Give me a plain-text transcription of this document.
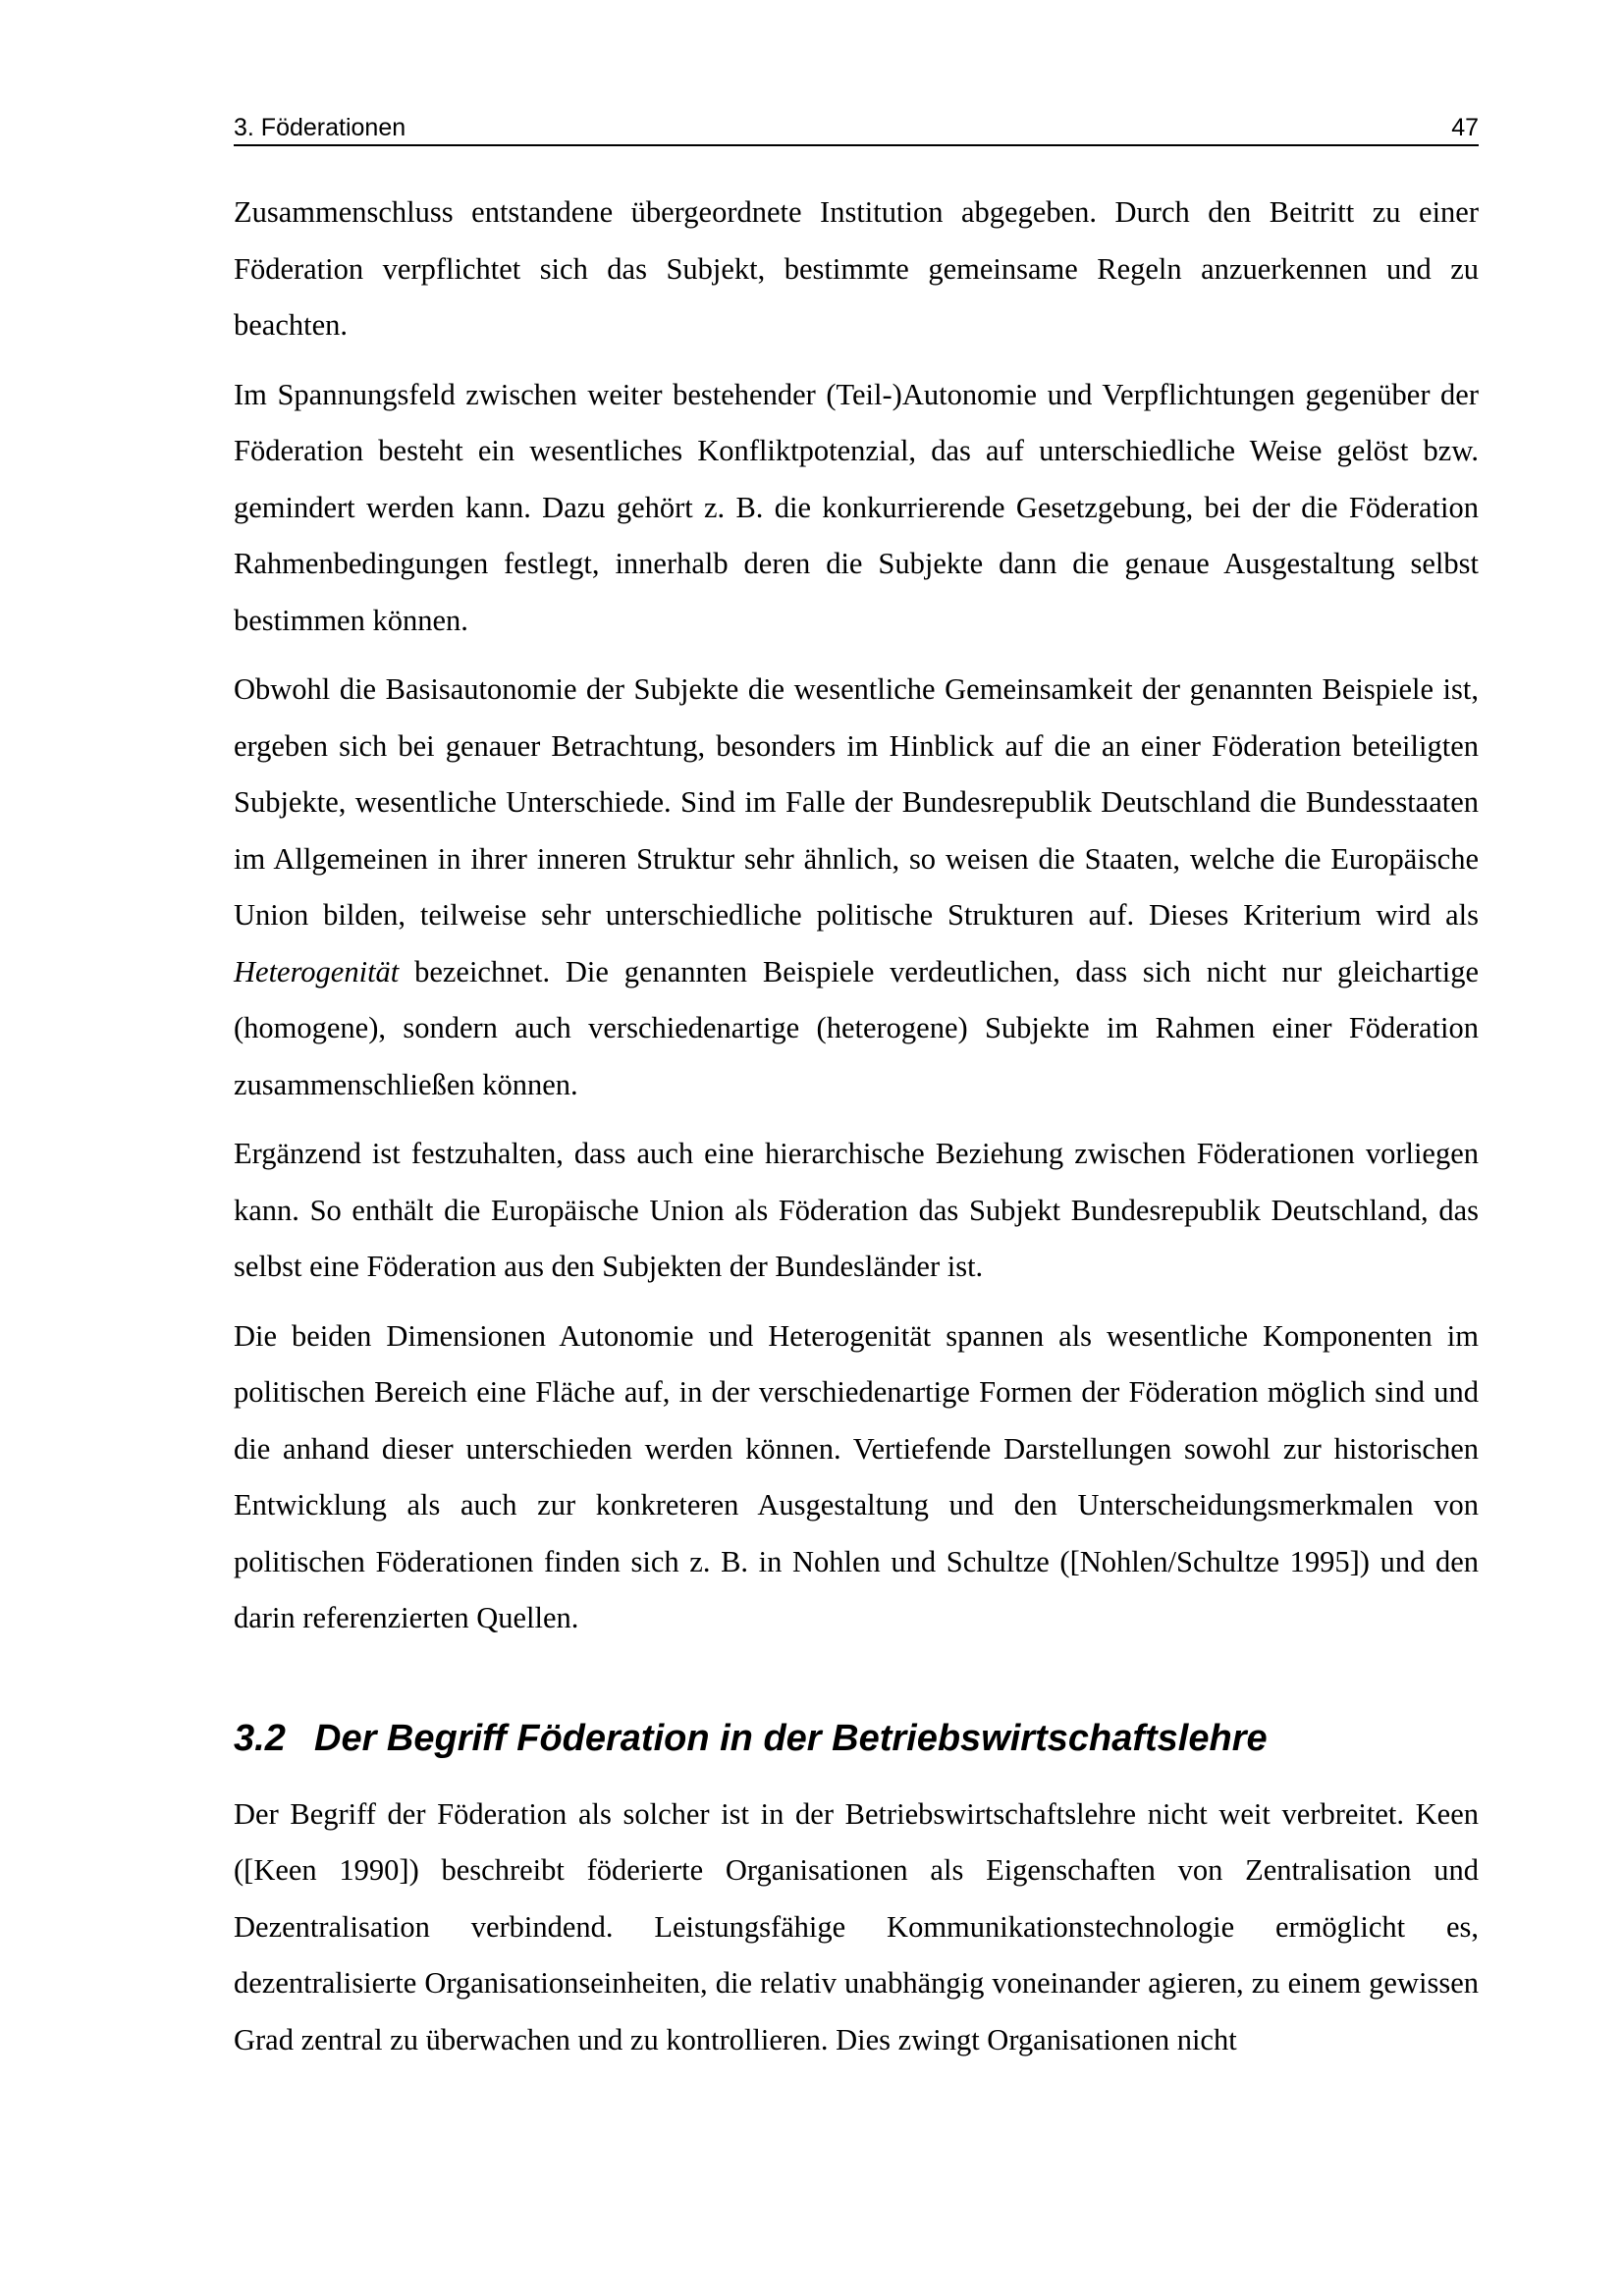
3. Föderationen	47

Zusammenschluss entstandene übergeordnete Institution abgegeben. Durch den Beitritt zu einer Föderation verpflichtet sich das Subjekt, bestimmte gemeinsame Regeln anzuerkennen und zu beachten.

Im Spannungsfeld zwischen weiter bestehender (Teil-)Autonomie und Verpflichtungen gegenüber der Föderation besteht ein wesentliches Konfliktpotenzial, das auf unterschiedliche Weise gelöst bzw. gemindert werden kann. Dazu gehört z. B. die konkurrierende Gesetzgebung, bei der die Föderation Rahmenbedingungen festlegt, innerhalb deren die Subjekte dann die genaue Ausgestaltung selbst bestimmen können.

Obwohl die Basisautonomie der Subjekte die wesentliche Gemeinsamkeit der genannten Beispiele ist, ergeben sich bei genauer Betrachtung, besonders im Hinblick auf die an einer Föderation beteiligten Subjekte, wesentliche Unterschiede. Sind im Falle der Bundesrepublik Deutschland die Bundesstaaten im Allgemeinen in ihrer inneren Struktur sehr ähnlich, so weisen die Staaten, welche die Europäische Union bilden, teilweise sehr unterschiedliche politische Strukturen auf. Dieses Kriterium wird als Heterogenität bezeichnet. Die genannten Beispiele verdeutlichen, dass sich nicht nur gleichartige (homogene), sondern auch verschiedenartige (heterogene) Subjekte im Rahmen einer Föderation zusammenschließen können.

Ergänzend ist festzuhalten, dass auch eine hierarchische Beziehung zwischen Föderationen vorliegen kann. So enthält die Europäische Union als Föderation das Subjekt Bundesrepublik Deutschland, das selbst eine Föderation aus den Subjekten der Bundesländer ist.

Die beiden Dimensionen Autonomie und Heterogenität spannen als wesentliche Komponenten im politischen Bereich eine Fläche auf, in der verschiedenartige Formen der Föderation möglich sind und die anhand dieser unterschieden werden können. Vertiefende Darstellungen sowohl zur historischen Entwicklung als auch zur konkreteren Ausgestaltung und den Unterscheidungsmerkmalen von politischen Föderationen finden sich z. B. in Nohlen und Schultze ([Nohlen/Schultze 1995]) und den darin referenzierten Quellen.

3.2 Der Begriff Föderation in der Betriebswirtschaftslehre

Der Begriff der Föderation als solcher ist in der Betriebswirtschaftslehre nicht weit verbreitet. Keen ([Keen 1990]) beschreibt föderierte Organisationen als Eigenschaften von Zentralisation und Dezentralisation verbindend. Leistungsfähige Kommunikationstechnologie ermöglicht es, dezentralisierte Organisationseinheiten, die relativ unabhängig voneinander agieren, zu einem gewissen Grad zentral zu überwachen und zu kontrollieren. Dies zwingt Organisationen nicht
